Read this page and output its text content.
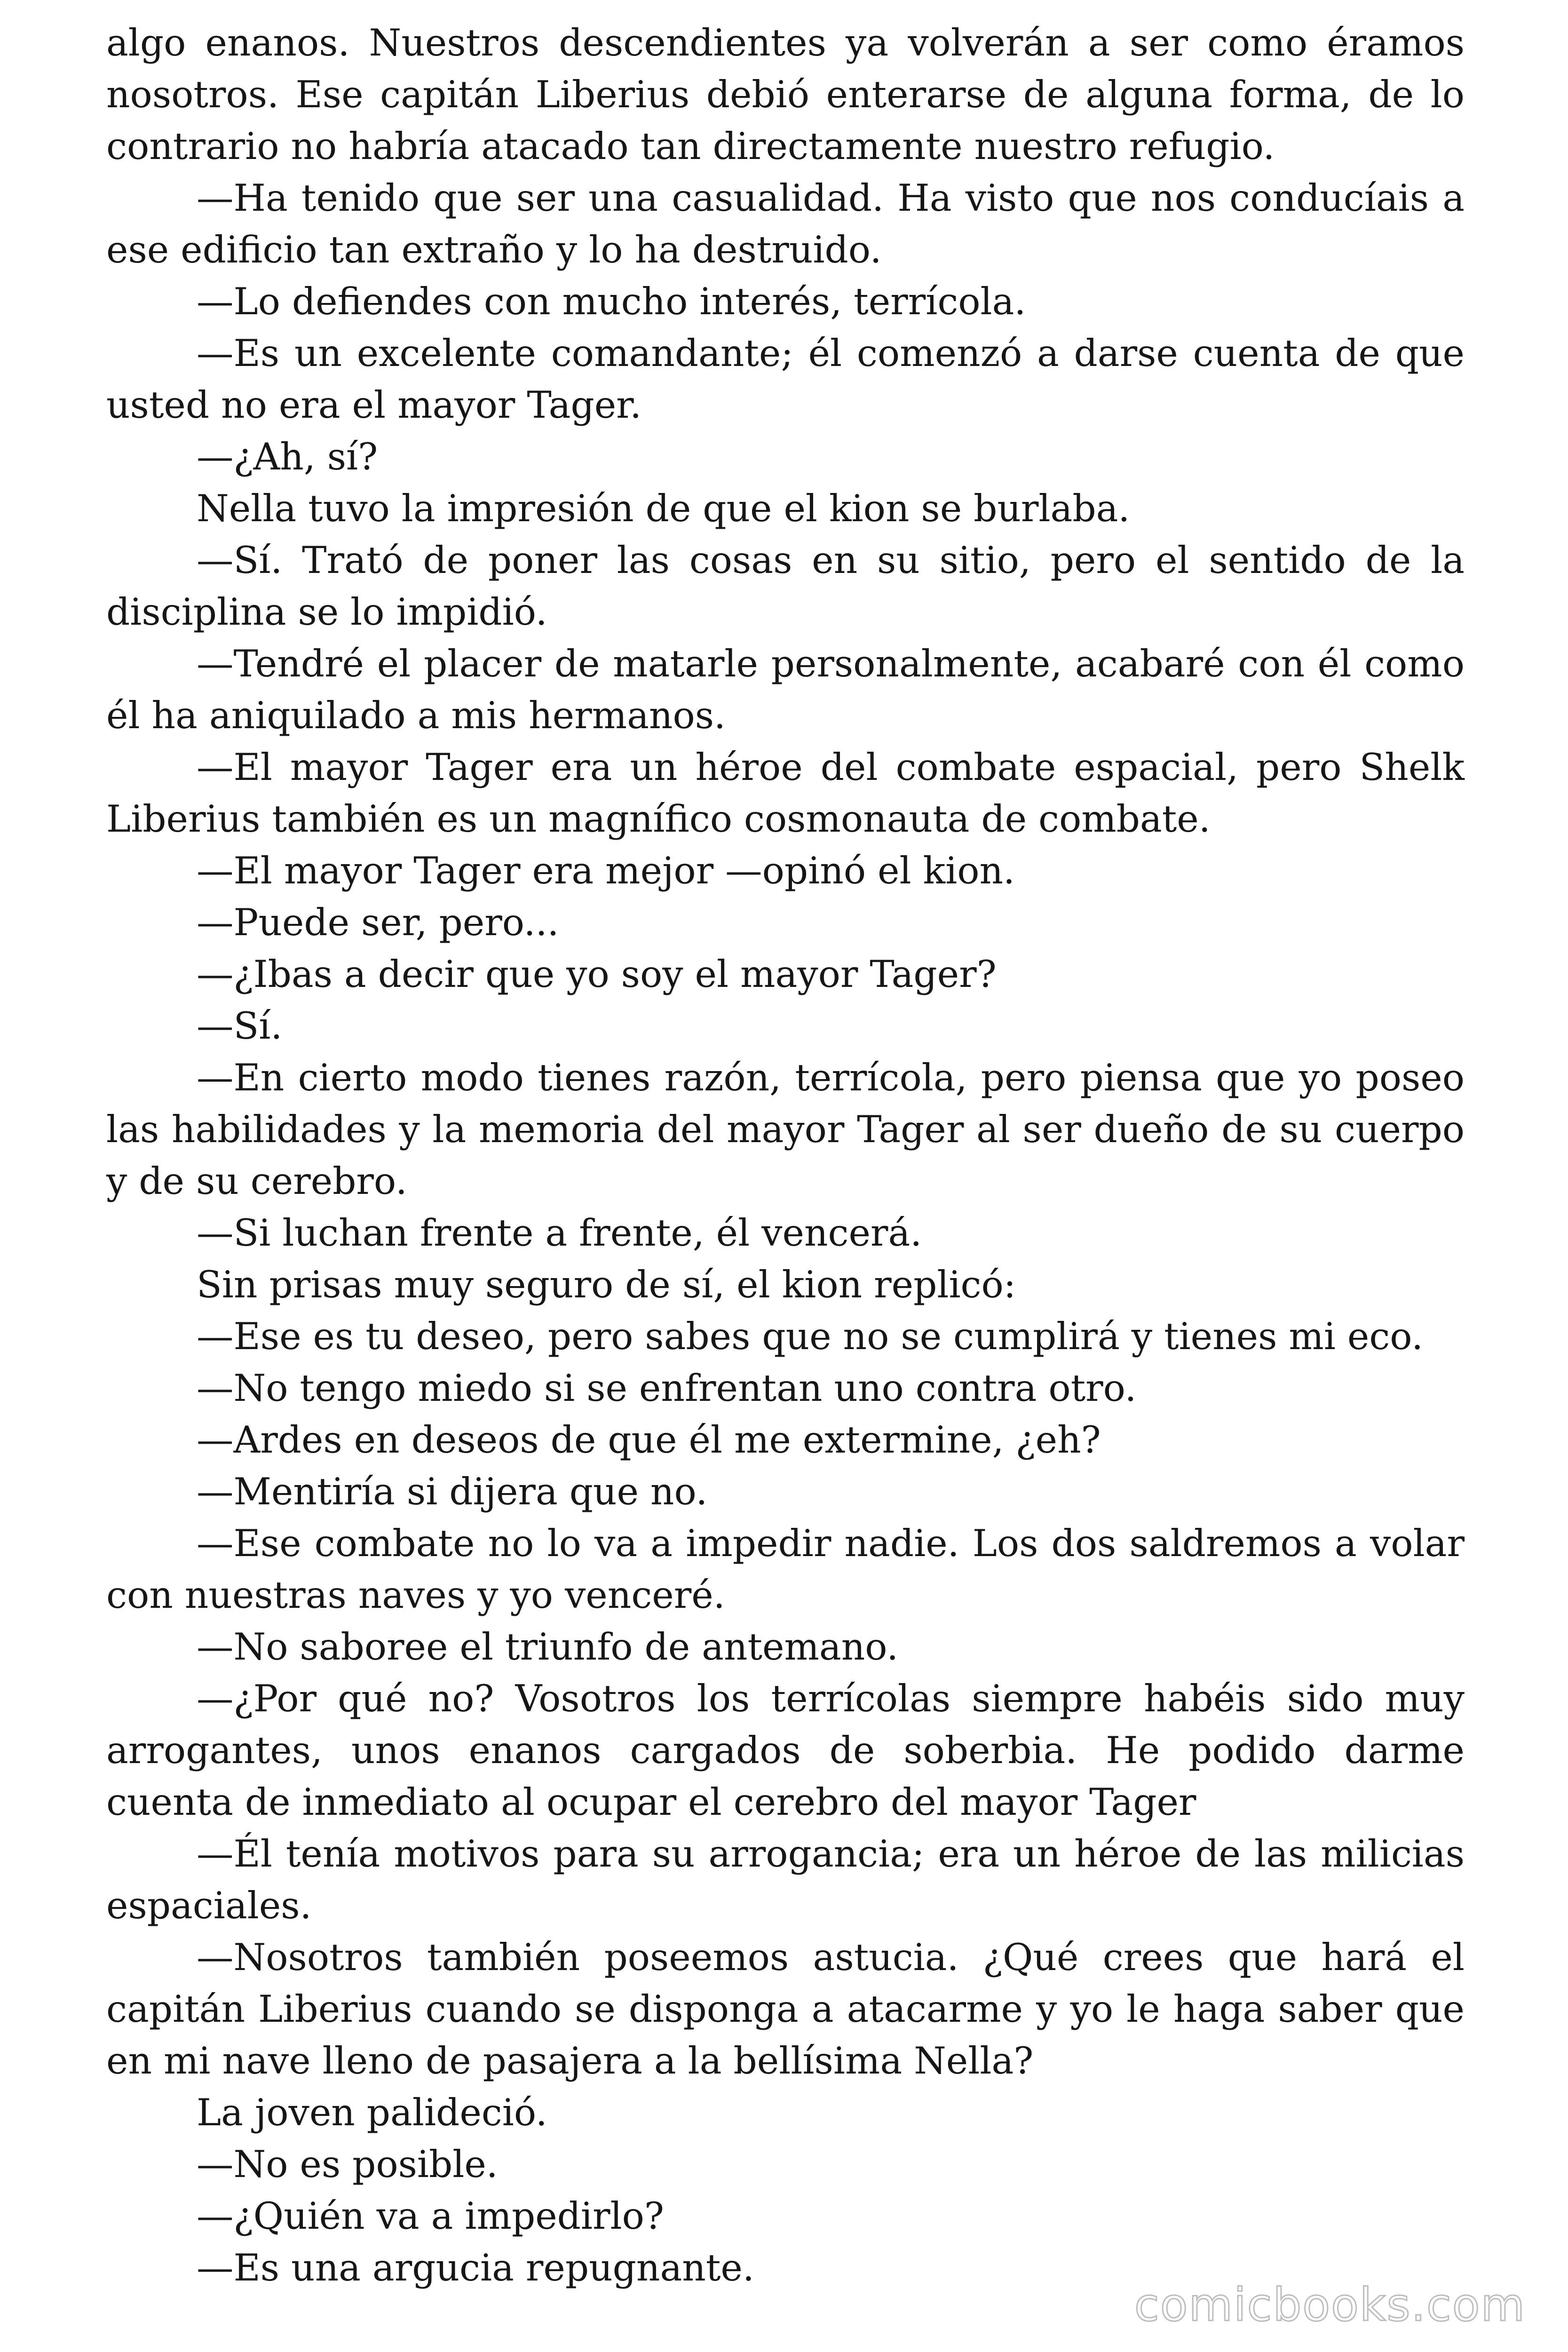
algo enanos. Nuestros descendientes ya volverán a ser como éramos nosotros. Ese capitán Liberius debió enterarse de alguna forma, de lo contrario no habría atacado tan directamente nuestro refugio.

—Ha tenido que ser una casualidad. Ha visto que nos conducíais a ese edificio tan extraño y lo ha destruido.

—Lo defiendes con mucho interés, terrícola.

—Es un excelente comandante; él comenzó a darse cuenta de que usted no era el mayor Tager.

—¿Ah, sí?

Nella tuvo la impresión de que el kion se burlaba.

—Sí. Trató de poner las cosas en su sitio, pero el sentido de la disciplina se lo impidió.

—Tendré el placer de matarle personalmente, acabaré con él como él ha aniquilado a mis hermanos.

—El mayor Tager era un héroe del combate espacial, pero Shelk Liberius también es un magnífico cosmonauta de combate.

—El mayor Tager era mejor —opinó el kion.

—Puede ser, pero...

—¿Ibas a decir que yo soy el mayor Tager?

—Sí.

—En cierto modo tienes razón, terrícola, pero piensa que yo poseo las habilidades y la memoria del mayor Tager al ser dueño de su cuerpo y de su cerebro.

—Si luchan frente a frente, él vencerá.

Sin prisas muy seguro de sí, el kion replicó:

—Ese es tu deseo, pero sabes que no se cumplirá y tienes mi eco.

—No tengo miedo si se enfrentan uno contra otro.

—Ardes en deseos de que él me extermine, ¿eh?

—Mentiría si dijera que no.

—Ese combate no lo va a impedir nadie. Los dos saldremos a volar con nuestras naves y yo venceré.

—No saboree el triunfo de antemano.

—¿Por qué no? Vosotros los terrícolas siempre habéis sido muy arrogantes, unos enanos cargados de soberbia. He podido darme cuenta de inmediato al ocupar el cerebro del mayor Tager

—Él tenía motivos para su arrogancia; era un héroe de las milicias espaciales.

—Nosotros también poseemos astucia. ¿Qué crees que hará el capitán Liberius cuando se disponga a atacarme y yo le haga saber que en mi nave lleno de pasajera a la bellísima Nella?

La joven palideció.

—No es posible.

—¿Quién va a impedirlo?

—Es una argucia repugnante.

comicbooks.com
